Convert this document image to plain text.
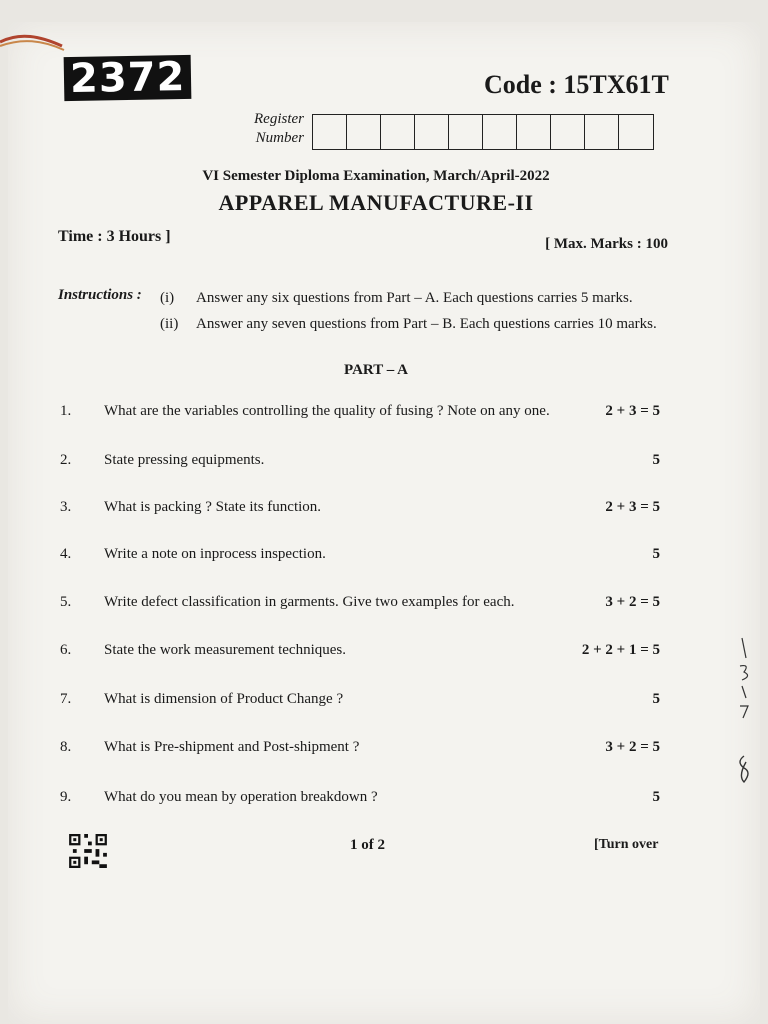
2372	Code : 15TX61T
Register
Number
VI Semester Diploma Examination, March/April-2022
APPAREL MANUFACTURE-II
Time : 3 Hours ]	[ Max. Marks : 100
Instructions : (i) Answer any six questions from Part – A. Each questions carries 5 marks.
(ii) Answer any seven questions from Part – B. Each questions carries 10 marks.
PART – A
1.	What are the variables controlling the quality of fusing ? Note on any one.	2 + 3 = 5
2.	State pressing equipments.	5
3.	What is packing ? State its function.	2 + 3 = 5
4.	Write a note on inprocess inspection.	5
5.	Write defect classification in garments. Give two examples for each.	3 + 2 = 5
6.	State the work measurement techniques.	2 + 2 + 1 = 5
7.	What is dimension of Product Change ?	5
8.	What is Pre-shipment and Post-shipment ?	3 + 2 = 5
9.	What do you mean by operation breakdown ?	5
1 of 2	[Turn over
